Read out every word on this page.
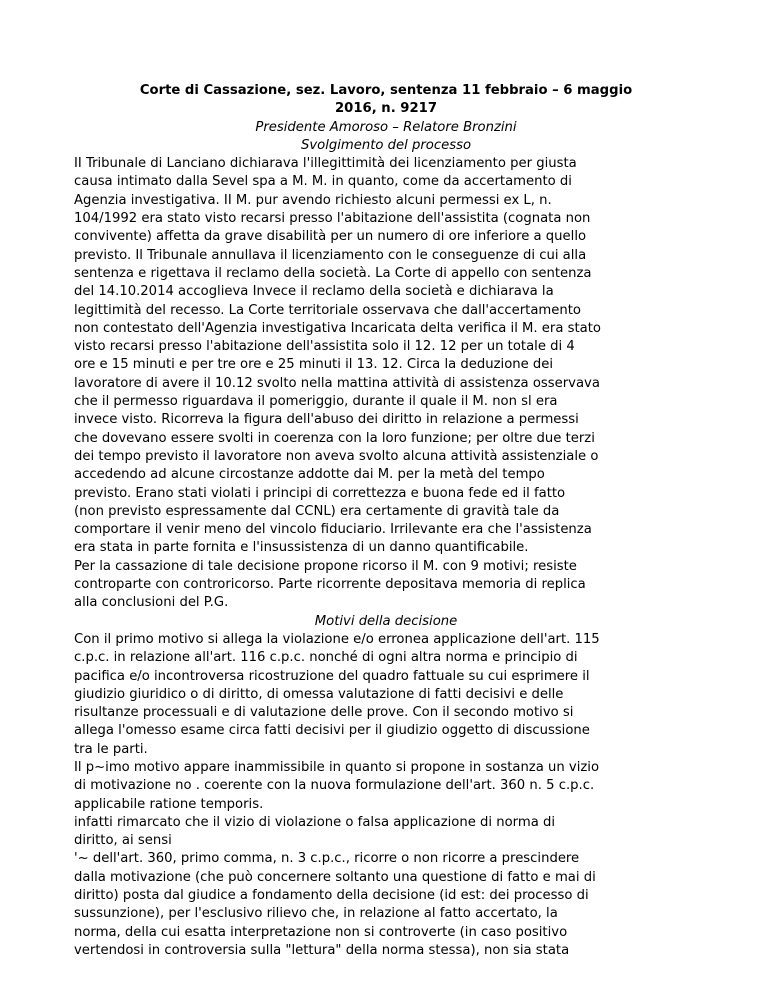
Corte di Cassazione, sez. Lavoro, sentenza 11 febbraio – 6 maggio
2016, n. 9217
Presidente Amoroso – Relatore Bronzini
Svolgimento del processo
II Tribunale di Lanciano dichiarava l'illegittimità dei licenziamento per giusta
causa intimato dalla Sevel spa a M. M. in quanto, come da accertamento di
Agenzia investigativa. II M. pur avendo richiesto alcuni permessi ex L, n.
104/1992 era stato visto recarsi presso l'abitazione dell'assistita (cognata non
convivente) affetta da grave disabilità per un numero di ore inferiore a quello
previsto. Il Tribunale annullava il licenziamento con le conseguenze di cui alla
sentenza e rigettava il reclamo della società. La Corte di appello con sentenza
del 14.10.2014 accoglieva Invece il reclamo della società e dichiarava la
legittimità del recesso. La Corte territoriale osservava che dall'accertamento
non contestato dell'Agenzia investigativa Incaricata delta verifica il M. era stato
visto recarsi presso l'abitazione dell'assistita solo il 12. 12 per un totale di 4
ore e 15 minuti e per tre ore e 25 minuti il 13. 12. Circa la deduzione dei
lavoratore di avere il 10.12 svolto nella mattina attività di assistenza osservava
che il permesso riguardava il pomeriggio, durante il quale il M. non sl era
invece visto. Ricorreva la figura dell'abuso dei diritto in relazione a permessi
che dovevano essere svolti in coerenza con la loro funzione; per oltre due terzi
dei tempo previsto il lavoratore non aveva svolto alcuna attività assistenziale o
accedendo ad alcune circostanze addotte dai M. per la metà del tempo
previsto. Erano stati violati i principi di correttezza e buona fede ed il fatto
(non previsto espressamente dal CCNL) era certamente di gravità tale da
comportare il venir meno del vincolo fiduciario. Irrilevante era che l'assistenza
era stata in parte fornita e l'insussistenza di un danno quantificabile.
Per la cassazione di tale decisione propone ricorso il M. con 9 motivi; resiste
controparte con controricorso. Parte ricorrente depositava memoria di replica
alla conclusioni del P.G.
Motivi della decisione
Con il primo motivo si allega la violazione e/o erronea applicazione dell'art. 115
c.p.c. in relazione all'art. 116 c.p.c. nonché di ogni altra norma e principio di
pacifica e/o incontroversa ricostruzione del quadro fattuale su cui esprimere il
giudizio giuridico o di diritto, di omessa valutazione di fatti decisivi e delle
risultanze processuali e di valutazione delle prove. Con il secondo motivo si
allega l'omesso esame circa fatti decisivi per il giudizio oggetto di discussione
tra le parti.
Il p~imo motivo appare inammissibile in quanto si propone in sostanza un vizio
di motivazione no . coerente con la nuova formulazione dell'art. 360 n. 5 c.p.c.
applicabile ratione temporis.
infatti rimarcato che il vizio di violazione o falsa applicazione di norma di
diritto, ai sensi
'~ dell'art. 360, primo comma, n. 3 c.p.c., ricorre o non ricorre a prescindere
dalla motivazione (che può concernere soltanto una questione di fatto e mai di
diritto) posta dal giudice a fondamento della decisione (id est: dei processo di
sussunzione), per l'esclusivo rilievo che, in relazione al fatto accertato, la
norma, della cui esatta interpretazione non si controverte (in caso positivo
vertendosi in controversia sulla "lettura" della norma stessa), non sia stata
